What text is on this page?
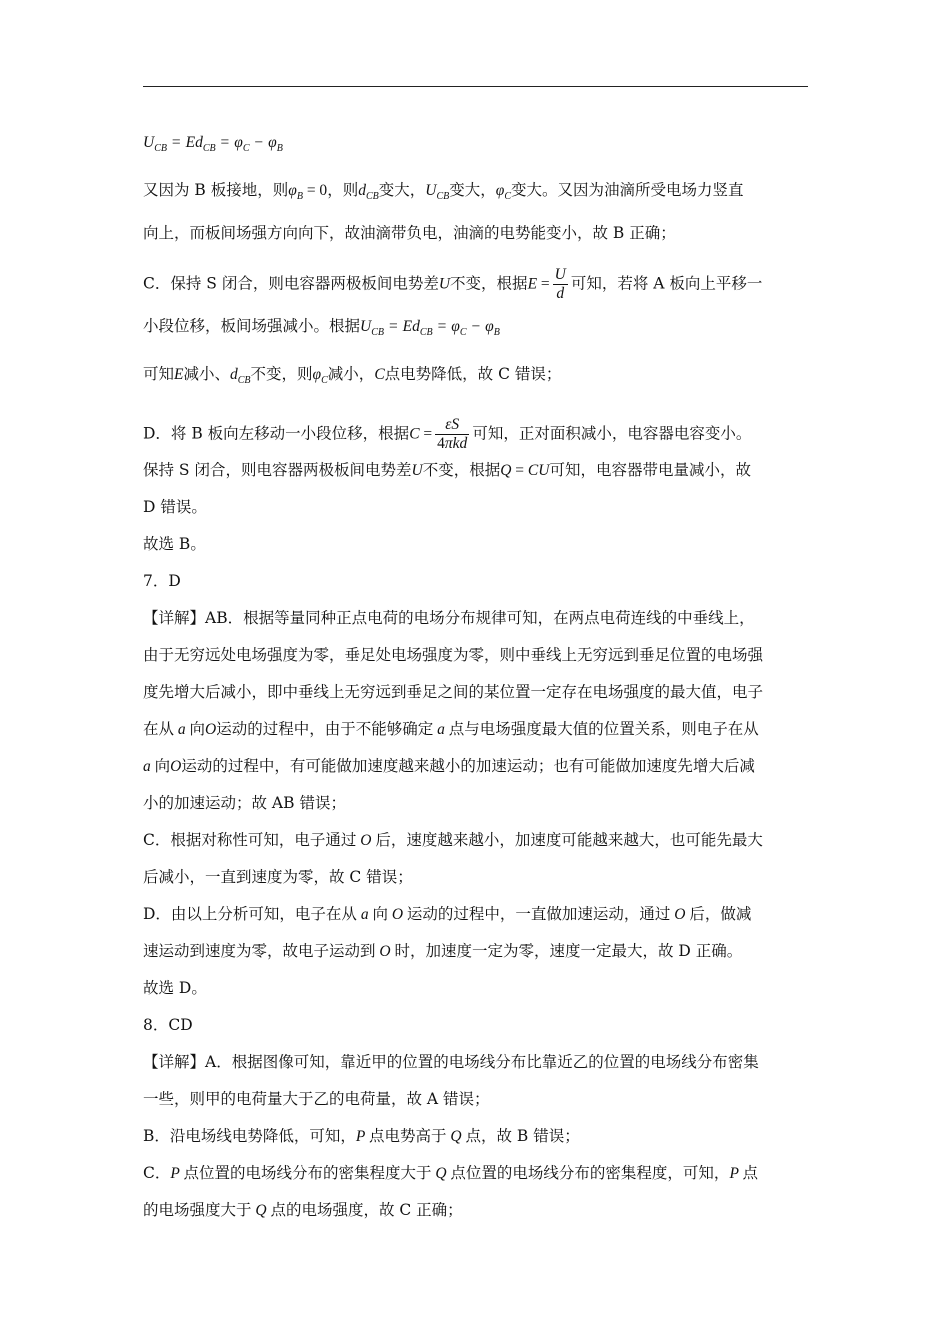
$U_{CB} = Ed_{CB} = \varphi_C - \varphi_B$
又因为 B 板接地，则$\varphi_B = 0$，则$d_{CB}$变大，$U_{CB}$变大，$\varphi_C$变大。又因为油滴所受电场力竖直
向上，而板间场强方向向下，故油滴带负电，油滴的电势能变小，故 B 正确；
C．保持 S 闭合，则电容器两极板间电势差U不变，根据$E = \frac{U}{d}$ 可知，若将 A 板向上平移一
小段位移，板间场强减小。根据$U_{CB} = Ed_{CB} = \varphi_C - \varphi_B$
可知E减小、$d_{CB}$不变，则$\varphi_C$减小，C点电势降低，故 C 错误；
D．将 B 板向左移动一小段位移，根据$C = \frac{\varepsilon S}{\text{4πkd}}$ 可知，正对面积减小，电容器电容变小。
保持 S 闭合，则电容器两极板间电势差U不变，根据Q = CU可知，电容器带电量减小，故
D 错误。
故选 B。
7．D
【详解】AB．根据等量同种正点电荷的电场分布规律可知，在两点电荷连线的中垂线上，
由于无穷远处电场强度为零，垂足处电场强度为零，则中垂线上无穷远到垂足位置的电场强
度先增大后减小，即中垂线上无穷远到垂足之间的某位置一定存在电场强度的最大值，电子
在从 a 向O运动的过程中，由于不能够确定 a 点与电场强度最大值的位置关系，则电子在从
a 向O运动的过程中，有可能做加速度越来越小的加速运动；也有可能做加速度先增大后减
小的加速运动；故 AB 错误；
C．根据对称性可知，电子通过 O 后，速度越来越小，加速度可能越来越大，也可能先最大
后减小，一直到速度为零，故 C 错误；
D．由以上分析可知，电子在从 a 向 O 运动的过程中，一直做加速运动，通过 O 后，做减
速运动到速度为零，故电子运动到 O 时，加速度一定为零，速度一定最大，故 D 正确。
故选 D。
8．CD
【详解】A．根据图像可知，靠近甲的位置的电场线分布比靠近乙的位置的电场线分布密集
一些，则甲的电荷量大于乙的电荷量，故 A 错误；
B．沿电场线电势降低，可知，P 点电势高于 Q 点，故 B 错误；
C．P 点位置的电场线分布的密集程度大于 Q 点位置的电场线分布的密集程度，可知，P 点
的电场强度大于 Q 点的电场强度，故 C 正确；
